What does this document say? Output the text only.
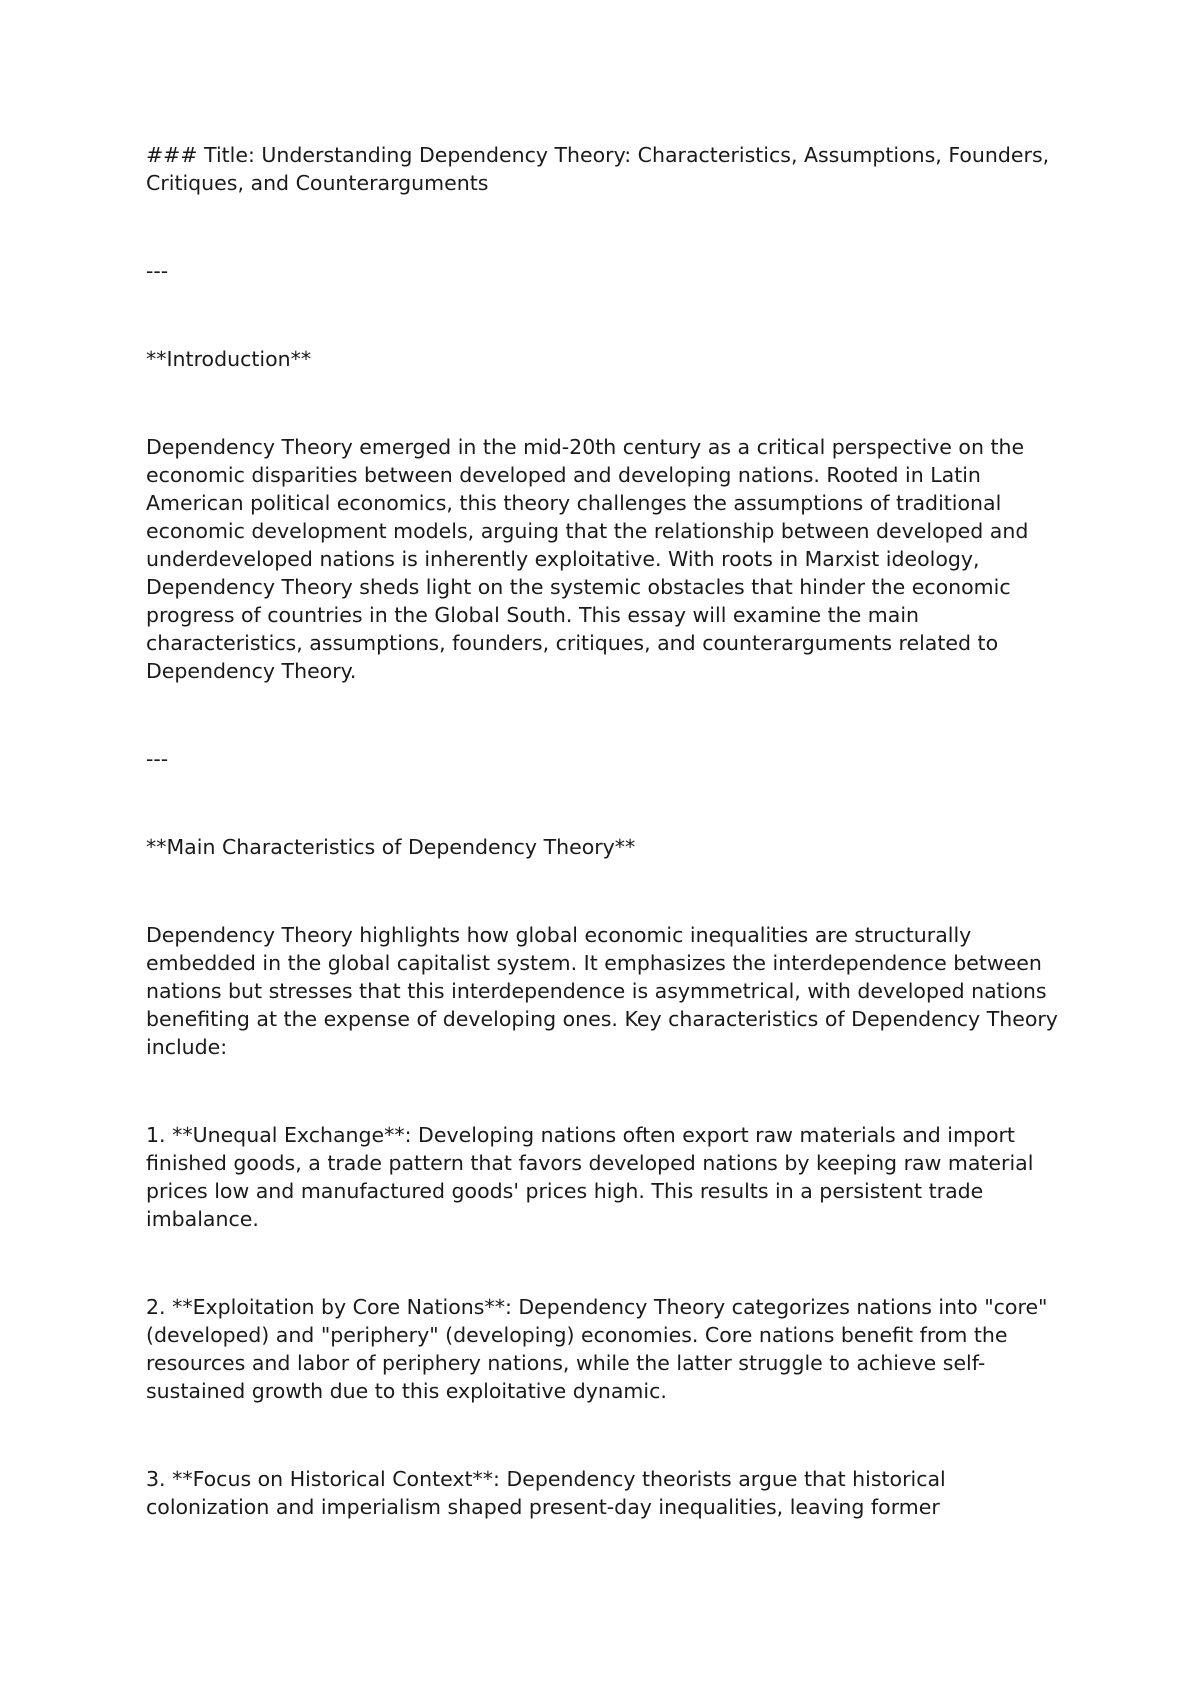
### Title: Understanding Dependency Theory: Characteristics, Assumptions, Founders, Critiques, and Counterarguments

---

**Introduction**

Dependency Theory emerged in the mid-20th century as a critical perspective on the economic disparities between developed and developing nations. Rooted in Latin American political economics, this theory challenges the assumptions of traditional economic development models, arguing that the relationship between developed and underdeveloped nations is inherently exploitative. With roots in Marxist ideology, Dependency Theory sheds light on the systemic obstacles that hinder the economic progress of countries in the Global South. This essay will examine the main characteristics, assumptions, founders, critiques, and counterarguments related to Dependency Theory.

---

**Main Characteristics of Dependency Theory**

Dependency Theory highlights how global economic inequalities are structurally embedded in the global capitalist system. It emphasizes the interdependence between nations but stresses that this interdependence is asymmetrical, with developed nations benefiting at the expense of developing ones. Key characteristics of Dependency Theory include:

1. **Unequal Exchange**: Developing nations often export raw materials and import finished goods, a trade pattern that favors developed nations by keeping raw material prices low and manufactured goods' prices high. This results in a persistent trade imbalance.

2. **Exploitation by Core Nations**: Dependency Theory categorizes nations into "core" (developed) and "periphery" (developing) economies. Core nations benefit from the resources and labor of periphery nations, while the latter struggle to achieve self-sustained growth due to this exploitative dynamic.

3. **Focus on Historical Context**: Dependency theorists argue that historical colonization and imperialism shaped present-day inequalities, leaving former
